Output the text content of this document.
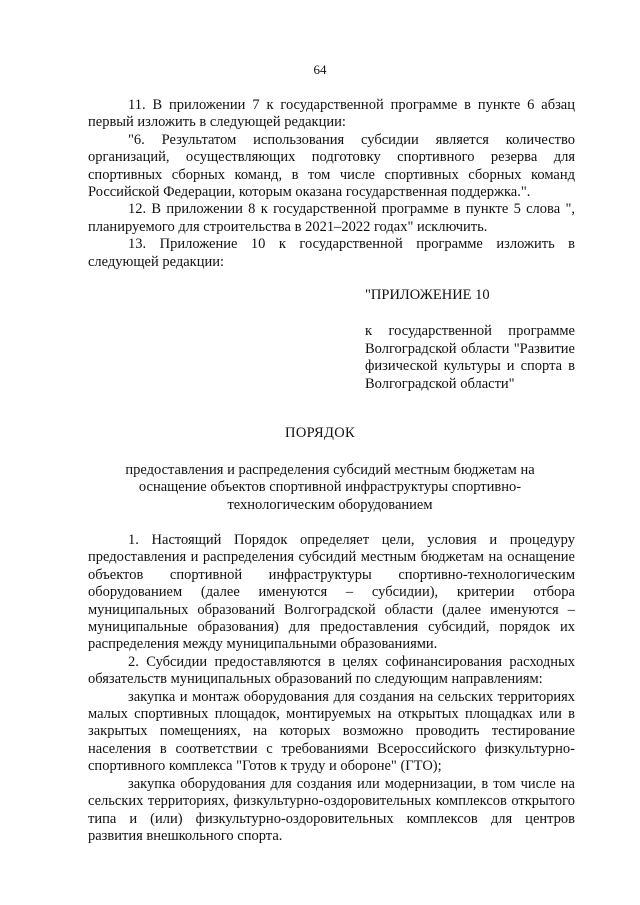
64

11. В приложении 7 к государственной программе в пункте 6 абзац первый изложить в следующей редакции:

"6. Результатом использования субсидии является количество организаций, осуществляющих подготовку спортивного резерва для спортивных сборных команд, в том числе спортивных сборных команд Российской Федерации, которым оказана государственная поддержка.".

12. В приложении 8 к государственной программе в пункте 5 слова ", планируемого для строительства в 2021–2022 годах" исключить.

13. Приложение 10 к государственной программе изложить в следующей редакции:

"ПРИЛОЖЕНИЕ 10
к государственной программе Волгоградской области "Развитие физической культуры и спорта в Волгоградской области"
ПОРЯДОК
предоставления и распределения субсидий местным бюджетам на оснащение объектов спортивной инфраструктуры спортивно-технологическим оборудованием

1. Настоящий Порядок определяет цели, условия и процедуру предоставления и распределения субсидий местным бюджетам на оснащение объектов спортивной инфраструктуры спортивно-технологическим оборудованием (далее именуются – субсидии), критерии отбора муниципальных образований Волгоградской области (далее именуются – муниципальные образования) для предоставления субсидий, порядок их распределения между муниципальными образованиями.

2. Субсидии предоставляются в целях софинансирования расходных обязательств муниципальных образований по следующим направлениям:

закупка и монтаж оборудования для создания на сельских территориях малых спортивных площадок, монтируемых на открытых площадках или в закрытых помещениях, на которых возможно проводить тестирование населения в соответствии с требованиями Всероссийского физкультурно-спортивного комплекса "Готов к труду и обороне" (ГТО);

закупка оборудования для создания или модернизации, в том числе на сельских территориях, физкультурно-оздоровительных комплексов открытого типа и (или) физкультурно-оздоровительных комплексов для центров развития внешкольного спорта.
